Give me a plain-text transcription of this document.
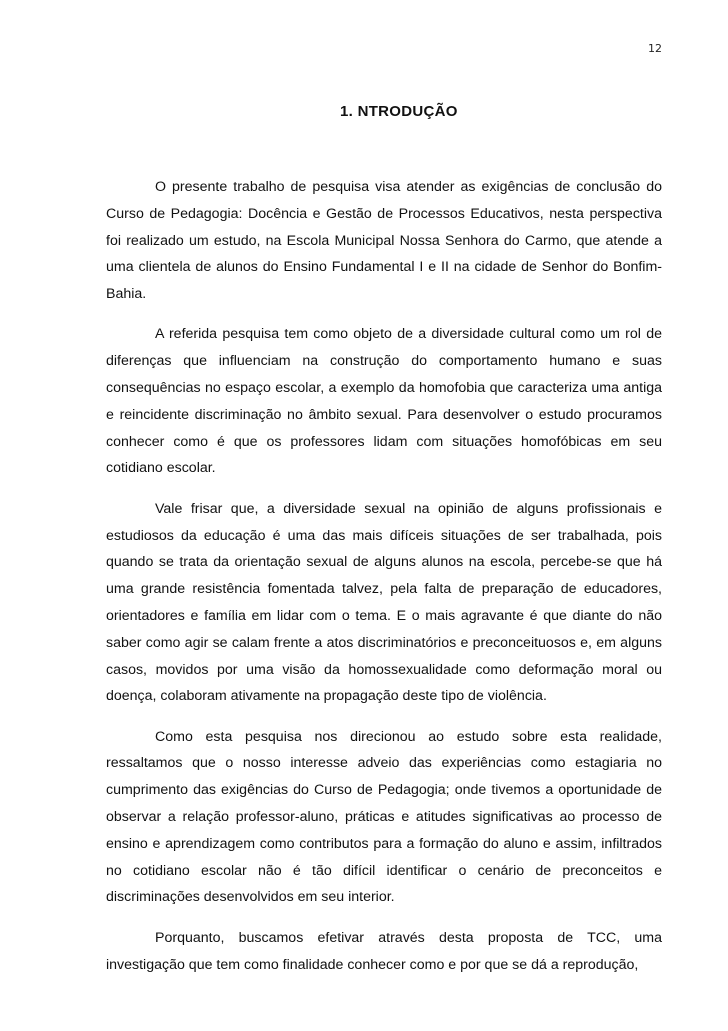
12
1. NTRODUÇÃO

O presente trabalho de pesquisa visa atender as exigências de conclusão do Curso de Pedagogia: Docência e Gestão de Processos Educativos, nesta perspectiva foi realizado um estudo, na Escola Municipal Nossa Senhora do Carmo, que atende a uma clientela de alunos do Ensino Fundamental I e II na cidade de Senhor do Bonfim- Bahia.

A referida pesquisa tem como objeto de a diversidade cultural como um rol de diferenças que influenciam na construção do comportamento humano e suas consequências no espaço escolar, a exemplo da homofobia que caracteriza uma antiga e reincidente discriminação no âmbito sexual. Para desenvolver o estudo procuramos conhecer como é que os professores lidam com situações homofóbicas em seu cotidiano escolar.

Vale frisar que, a diversidade sexual na opinião de alguns profissionais e estudiosos da educação é uma das mais difíceis situações de ser trabalhada, pois quando se trata da orientação sexual de alguns alunos na escola, percebe-se que há uma grande resistência fomentada talvez, pela falta de preparação de educadores, orientadores e família em lidar com o tema. E o mais agravante é que diante do não saber como agir se calam frente a atos discriminatórios e preconceituosos e, em alguns casos, movidos por uma visão da homossexualidade como deformação moral ou doença, colaboram ativamente na propagação deste tipo de violência.

Como esta pesquisa nos direcionou ao estudo sobre esta realidade, ressaltamos que o nosso interesse adveio das experiências como estagiaria no cumprimento das exigências do Curso de Pedagogia; onde tivemos a oportunidade de observar a relação professor-aluno, práticas e atitudes significativas ao processo de ensino e aprendizagem como contributos para a formação do aluno e assim, infiltrados no cotidiano escolar não é tão difícil identificar o cenário de preconceitos e discriminações desenvolvidos em seu interior.

Porquanto, buscamos efetivar através desta proposta de TCC, uma investigação que tem como finalidade conhecer como e por que se dá a reprodução,
